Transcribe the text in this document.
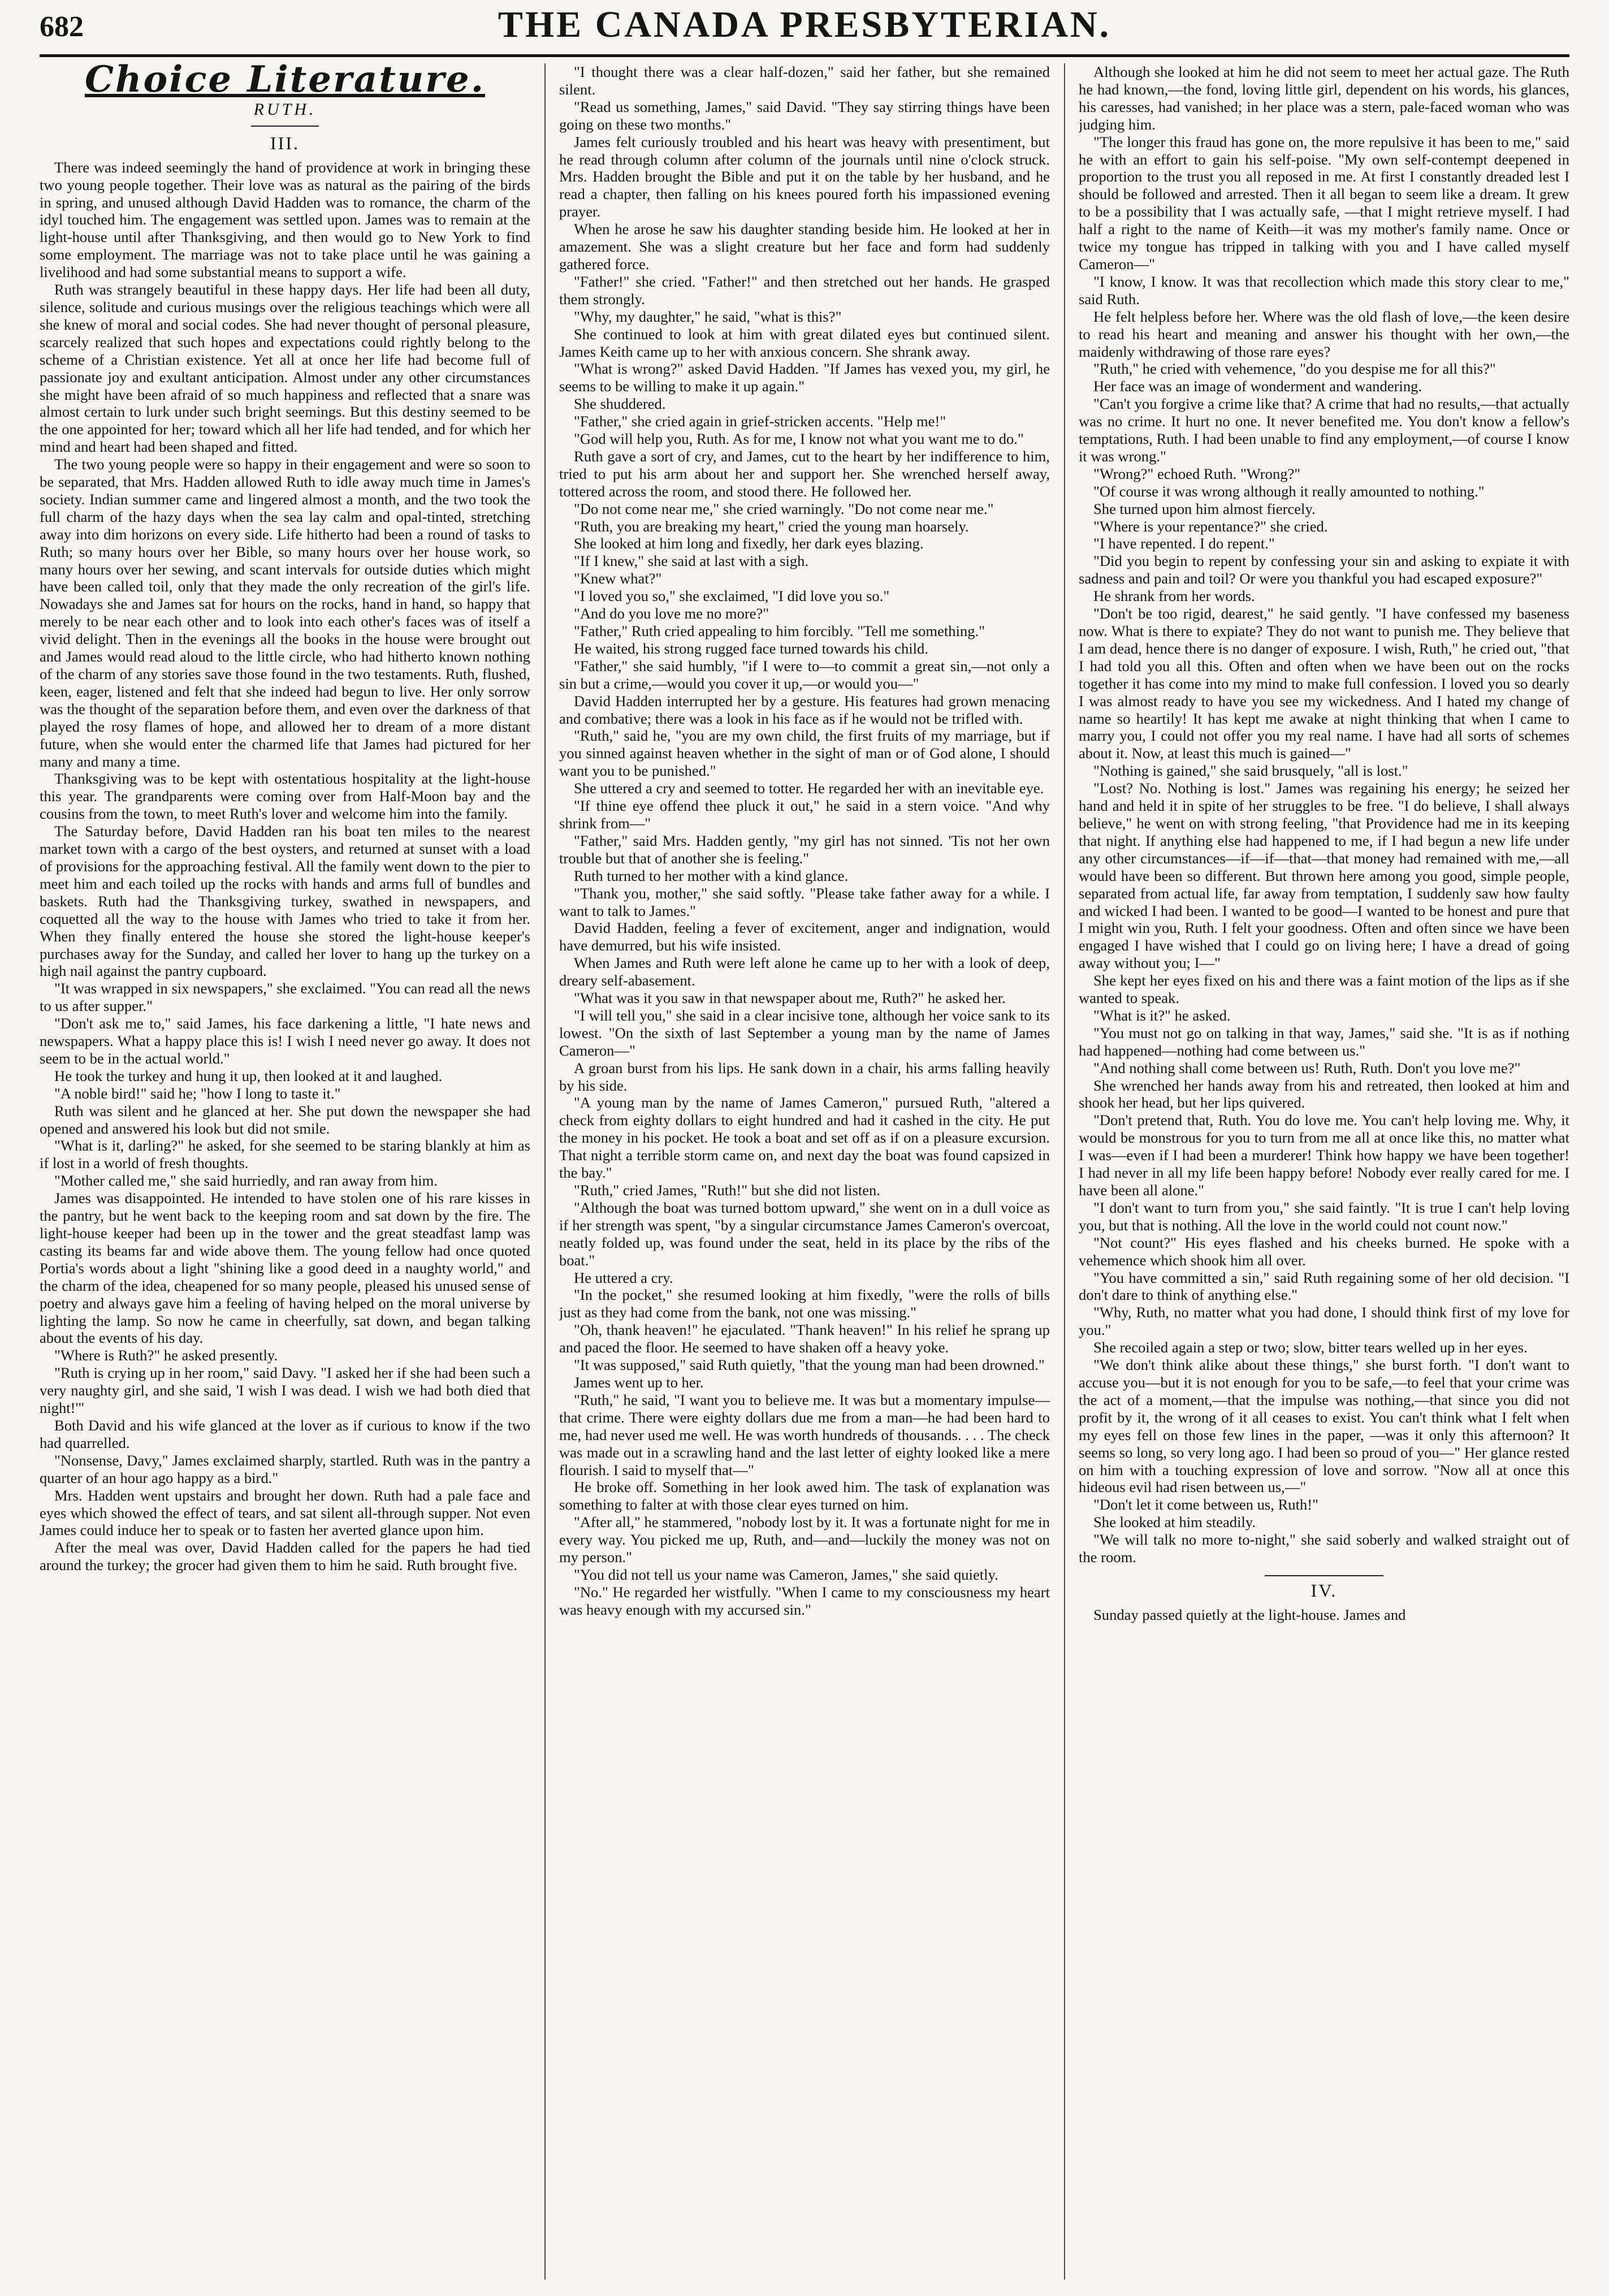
682	THE CANADA PRESBYTERIAN.
Choice Literature.
RUTH.
III.

There was indeed seemingly the hand of providence at work in bringing these two young people together. Their love was as natural as the pairing of the birds in spring, and unused although David Hadden was to romance, the charm of the idyl touched him. The engagement was settled upon. James was to remain at the light-house until after Thanksgiving, and then would go to New York to find some employment. The marriage was not to take place until he was gaining a livelihood and had some substantial means to support a wife.

Ruth was strangely beautiful in these happy days. Her life had been all duty, silence, solitude and curious musings over the religious teachings which were all she knew of moral and social codes. She had never thought of personal pleasure, scarcely realized that such hopes and expectations could rightly belong to the scheme of a Christian existence. Yet all at once her life had become full of passionate joy and exultant anticipation. Almost under any other circumstances she might have been afraid of so much happiness and reflected that a snare was almost certain to lurk under such bright seemings. But this destiny seemed to be the one appointed for her; toward which all her life had tended, and for which her mind and heart had been shaped and fitted.

The two young people were so happy in their engagement and were so soon to be separated, that Mrs. Hadden allowed Ruth to idle away much time in James's society. Indian summer came and lingered almost a month, and the two took the full charm of the hazy days when the sea lay calm and opal-tinted, stretching away into dim horizons on every side. Life hitherto had been a round of tasks to Ruth; so many hours over her Bible, so many hours over her house work, so many hours over her sewing, and scant intervals for outside duties which might have been called toil, only that they made the only recreation of the girl's life. Nowadays she and James sat for hours on the rocks, hand in hand, so happy that merely to be near each other and to look into each other's faces was of itself a vivid delight. Then in the evenings all the books in the house were brought out and James would read aloud to the little circle, who had hitherto known nothing of the charm of any stories save those found in the two testaments. Ruth, flushed, keen, eager, listened and felt that she indeed had begun to live. Her only sorrow was the thought of the separation before them, and even over the darkness of that played the rosy flames of hope, and allowed her to dream of a more distant future, when she would enter the charmed life that James had pictured for her many and many a time.

Thanksgiving was to be kept with ostentatious hospitality at the light-house this year. The grandparents were coming over from Half-Moon bay and the cousins from the town, to meet Ruth's lover and welcome him into the family.

The Saturday before, David Hadden ran his boat ten miles to the nearest market town with a cargo of the best oysters, and returned at sunset with a load of provisions for the approaching festival. All the family went down to the pier to meet him and each toiled up the rocks with hands and arms full of bundles and baskets. Ruth had the Thanksgiving turkey, swathed in newspapers, and coquetted all the way to the house with James who tried to take it from her. When they finally entered the house she stored the light-house keeper's purchases away for the Sunday, and called her lover to hang up the turkey on a high nail against the pantry cupboard.

"It was wrapped in six newspapers," she exclaimed. "You can read all the news to us after supper."

"Don't ask me to," said James, his face darkening a little, "I hate news and newspapers. What a happy place this is! I wish I need never go away. It does not seem to be in the actual world."

He took the turkey and hung it up, then looked at it and laughed.

"A noble bird!" said he; "how I long to taste it."

Ruth was silent and he glanced at her. She put down the newspaper she had opened and answered his look but did not smile.

"What is it, darling?" he asked, for she seemed to be staring blankly at him as if lost in a world of fresh thoughts.

"Mother called me," she said hurriedly, and ran away from him.

James was disappointed. He intended to have stolen one of his rare kisses in the pantry, but he went back to the keeping room and sat down by the fire. The light-house keeper had been up in the tower and the great steadfast lamp was casting its beams far and wide above them. The young fellow had once quoted Portia's words about a light "shining like a good deed in a naughty world," and the charm of the idea, cheapened for so many people, pleased his unused sense of poetry and always gave him a feeling of having helped on the moral universe by lighting the lamp. So now he came in cheerfully, sat down, and began talking about the events of his day.

"Where is Ruth?" he asked presently.

"Ruth is crying up in her room," said Davy. "I asked her if she had been such a very naughty girl, and she said, 'I wish I was dead. I wish we had both died that night!'"

Both David and his wife glanced at the lover as if curious to know if the two had quarrelled.

"Nonsense, Davy," James exclaimed sharply, startled. Ruth was in the pantry a quarter of an hour ago happy as a bird."

Mrs. Hadden went upstairs and brought her down. Ruth had a pale face and eyes which showed the effect of tears, and sat silent all-through supper. Not even James could induce her to speak or to fasten her averted glance upon him.

After the meal was over, David Hadden called for the papers he had tied around the turkey; the grocer had given them to him he said. Ruth brought five.

"I thought there was a clear half-dozen," said her father, but she remained silent.

"Read us something, James," said David. "They say stirring things have been going on these two months."

James felt curiously troubled and his heart was heavy with presentiment, but he read through column after column of the journals until nine o'clock struck. Mrs. Hadden brought the Bible and put it on the table by her husband, and he read a chapter, then falling on his knees poured forth his impassioned evening prayer.

When he arose he saw his daughter standing beside him. He looked at her in amazement. She was a slight creature but her face and form had suddenly gathered force.

"Father!" she cried. "Father!" and then stretched out her hands. He grasped them strongly.

"Why, my daughter," he said, "what is this?"

She continued to look at him with great dilated eyes but continued silent. James Keith came up to her with anxious concern. She shrank away.

"What is wrong?" asked David Hadden. "If James has vexed you, my girl, he seems to be willing to make it up again."

She shuddered.

"Father," she cried again in grief-stricken accents. "Help me!"

"God will help you, Ruth. As for me, I know not what you want me to do."

Ruth gave a sort of cry, and James, cut to the heart by her indifference to him, tried to put his arm about her and support her. She wrenched herself away, tottered across the room, and stood there. He followed her.

"Do not come near me," she cried warningly. "Do not come near me."

"Ruth, you are breaking my heart," cried the young man hoarsely.

She looked at him long and fixedly, her dark eyes blazing.

"If I knew," she said at last with a sigh.

"Knew what?"

"I loved you so," she exclaimed, "I did love you so."

"And do you love me no more?"

"Father," Ruth cried appealing to him forcibly. "Tell me something."

He waited, his strong rugged face turned towards his child.

"Father," she said humbly, "if I were to—to commit a great sin,—not only a sin but a crime,—would you cover it up,—or would you—"

David Hadden interrupted her by a gesture. His features had grown menacing and combative; there was a look in his face as if he would not be trifled with.

"Ruth," said he, "you are my own child, the first fruits of my marriage, but if you sinned against heaven whether in the sight of man or of God alone, I should want you to be punished."

She uttered a cry and seemed to totter. He regarded her with an inevitable eye.

"If thine eye offend thee pluck it out," he said in a stern voice. "And why shrink from—"

"Father," said Mrs. Hadden gently, "my girl has not sinned. 'Tis not her own trouble but that of another she is feeling."

Ruth turned to her mother with a kind glance.

"Thank you, mother," she said softly. "Please take father away for a while. I want to talk to James."

David Hadden, feeling a fever of excitement, anger and indignation, would have demurred, but his wife insisted.

When James and Ruth were left alone he came up to her with a look of deep, dreary self-abasement.

"What was it you saw in that newspaper about me, Ruth?" he asked her.

"I will tell you," she said in a clear incisive tone, although her voice sank to its lowest. "On the sixth of last September a young man by the name of James Cameron—"

A groan burst from his lips. He sank down in a chair, his arms falling heavily by his side.

"A young man by the name of James Cameron," pursued Ruth, "altered a check from eighty dollars to eight hundred and had it cashed in the city. He put the money in his pocket. He took a boat and set off as if on a pleasure excursion. That night a terrible storm came on, and next day the boat was found capsized in the bay."

"Ruth," cried James, "Ruth!" but she did not listen.

"Although the boat was turned bottom upward," she went on in a dull voice as if her strength was spent, "by a singular circumstance James Cameron's overcoat, neatly folded up, was found under the seat, held in its place by the ribs of the boat."

He uttered a cry.

"In the pocket," she resumed looking at him fixedly, "were the rolls of bills just as they had come from the bank, not one was missing."

"Oh, thank heaven!" he ejaculated. "Thank heaven!" In his relief he sprang up and paced the floor. He seemed to have shaken off a heavy yoke.

"It was supposed," said Ruth quietly, "that the young man had been drowned."

James went up to her.

"Ruth," he said, "I want you to believe me. It was but a momentary impulse—that crime. There were eighty dollars due me from a man—he had been hard to me, had never used me well. He was worth hundreds of thousands. . . . The check was made out in a scrawling hand and the last letter of eighty looked like a mere flourish. I said to myself that—"

He broke off. Something in her look awed him. The task of explanation was something to falter at with those clear eyes turned on him.

"After all," he stammered, "nobody lost by it. It was a fortunate night for me in every way. You picked me up, Ruth, and—and—luckily the money was not on my person."

"You did not tell us your name was Cameron, James," she said quietly.

"No." He regarded her wistfully. "When I came to my consciousness my heart was heavy enough with my accursed sin."

Although she looked at him he did not seem to meet her actual gaze. The Ruth he had known,—the fond, loving little girl, dependent on his words, his glances, his caresses, had vanished; in her place was a stern, pale-faced woman who was judging him.

"The longer this fraud has gone on, the more repulsive it has been to me," said he with an effort to gain his self-poise. "My own self-contempt deepened in proportion to the trust you all reposed in me. At first I constantly dreaded lest I should be followed and arrested. Then it all began to seem like a dream. It grew to be a possibility that I was actually safe, —that I might retrieve myself. I had half a right to the name of Keith—it was my mother's family name. Once or twice my tongue has tripped in talking with you and I have called myself Cameron—"

"I know, I know. It was that recollection which made this story clear to me," said Ruth.

He felt helpless before her. Where was the old flash of love,—the keen desire to read his heart and meaning and answer his thought with her own,—the maidenly withdrawing of those rare eyes?

"Ruth," he cried with vehemence, "do you despise me for all this?"

Her face was an image of wonderment and wandering.

"Can't you forgive a crime like that? A crime that had no results,—that actually was no crime. It hurt no one. It never benefited me. You don't know a fellow's temptations, Ruth. I had been unable to find any employment,—of course I know it was wrong."

"Wrong?" echoed Ruth. "Wrong?"

"Of course it was wrong although it really amounted to nothing."

She turned upon him almost fiercely.

"Where is your repentance?" she cried.

"I have repented. I do repent."

"Did you begin to repent by confessing your sin and asking to expiate it with sadness and pain and toil? Or were you thankful you had escaped exposure?"

He shrank from her words.

"Don't be too rigid, dearest," he said gently. "I have confessed my baseness now. What is there to expiate? They do not want to punish me. They believe that I am dead, hence there is no danger of exposure. I wish, Ruth," he cried out, "that I had told you all this. Often and often when we have been out on the rocks together it has come into my mind to make full confession. I loved you so dearly I was almost ready to have you see my wickedness. And I hated my change of name so heartily! It has kept me awake at night thinking that when I came to marry you, I could not offer you my real name. I have had all sorts of schemes about it. Now, at least this much is gained—"

"Nothing is gained," she said brusquely, "all is lost."

"Lost? No. Nothing is lost." James was regaining his energy; he seized her hand and held it in spite of her struggles to be free. "I do believe, I shall always believe," he went on with strong feeling, "that Providence had me in its keeping that night. If anything else had happened to me, if I had begun a new life under any other circumstances—if—if—that—that money had remained with me,—all would have been so different. But thrown here among you good, simple people, separated from actual life, far away from temptation, I suddenly saw how faulty and wicked I had been. I wanted to be good—I wanted to be honest and pure that I might win you, Ruth. I felt your goodness. Often and often since we have been engaged I have wished that I could go on living here; I have a dread of going away without you; I—"

She kept her eyes fixed on his and there was a faint motion of the lips as if she wanted to speak.

"What is it?" he asked.

"You must not go on talking in that way, James," said she. "It is as if nothing had happened—nothing had come between us."

"And nothing shall come between us! Ruth, Ruth. Don't you love me?"

She wrenched her hands away from his and retreated, then looked at him and shook her head, but her lips quivered.

"Don't pretend that, Ruth. You do love me. You can't help loving me. Why, it would be monstrous for you to turn from me all at once like this, no matter what I was—even if I had been a murderer! Think how happy we have been together! I had never in all my life been happy before! Nobody ever really cared for me. I have been all alone."

"I don't want to turn from you," she said faintly. "It is true I can't help loving you, but that is nothing. All the love in the world could not count now."

"Not count?" His eyes flashed and his cheeks burned. He spoke with a vehemence which shook him all over.

"You have committed a sin," said Ruth regaining some of her old decision. "I don't dare to think of anything else."

"Why, Ruth, no matter what you had done, I should think first of my love for you."

She recoiled again a step or two; slow, bitter tears welled up in her eyes.

"We don't think alike about these things," she burst forth. "I don't want to accuse you—but it is not enough for you to be safe,—to feel that your crime was the act of a moment,—that the impulse was nothing,—that since you did not profit by it, the wrong of it all ceases to exist. You can't think what I felt when my eyes fell on those few lines in the paper, —was it only this afternoon? It seems so long, so very long ago. I had been so proud of you—" Her glance rested on him with a touching expression of love and sorrow. "Now all at once this hideous evil had risen between us,—"

"Don't let it come between us, Ruth!"

She looked at him steadily.

"We will talk no more to-night," she said soberly and walked straight out of the room.

IV.

Sunday passed quietly at the light-house. James and
